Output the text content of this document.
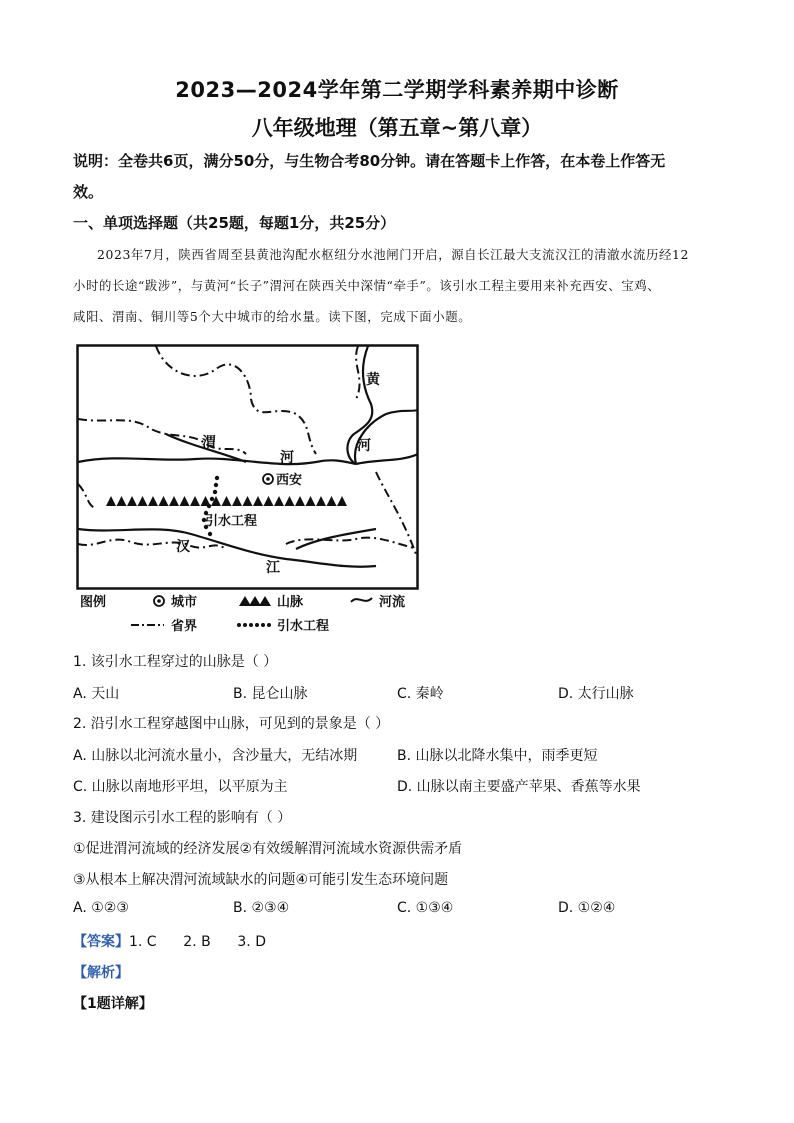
2023—2024学年第二学期学科素养期中诊断
八年级地理（第五章~第八章）
说明：全卷共6页，满分50分，与生物合考80分钟。请在答题卡上作答，在本卷上作答无
效。
一、单项选择题（共25题，每题1分，共25分）
2023年7月，陕西省周至县黄池沟配水枢纽分水池闸门开启，源自长江最大支流汉江的清澈水流历经12
小时的长途“跋涉”，与黄河“长子”渭河在陕西关中深情“牵手”。该引水工程主要用来补充西安、宝鸡、
咸阳、渭南、铜川等5个大中城市的给水量。读下图，完成下面小题。
黄
河
渭
河
西安
引水工程
汉
江
图例	城市	山脉	河流
省界	引水工程
1. 该引水工程穿过的山脉是（ ）
A. 天山	B. 昆仑山脉	C. 秦岭	D. 太行山脉
2. 沿引水工程穿越图中山脉，可见到的景象是（ ）
A. 山脉以北河流水量小，含沙量大，无结冰期	B. 山脉以北降水集中，雨季更短
C. 山脉以南地形平坦，以平原为主	D. 山脉以南主要盛产苹果、香蕉等水果
3. 建设图示引水工程的影响有（ ）
①促进渭河流域的经济发展②有效缓解渭河流域水资源供需矛盾
③从根本上解决渭河流域缺水的问题④可能引发生态环境问题
A. ①②③	B. ②③④	C. ①③④	D. ①②④
【答案】1. C      2. B      3. D
【解析】
【1题详解】
